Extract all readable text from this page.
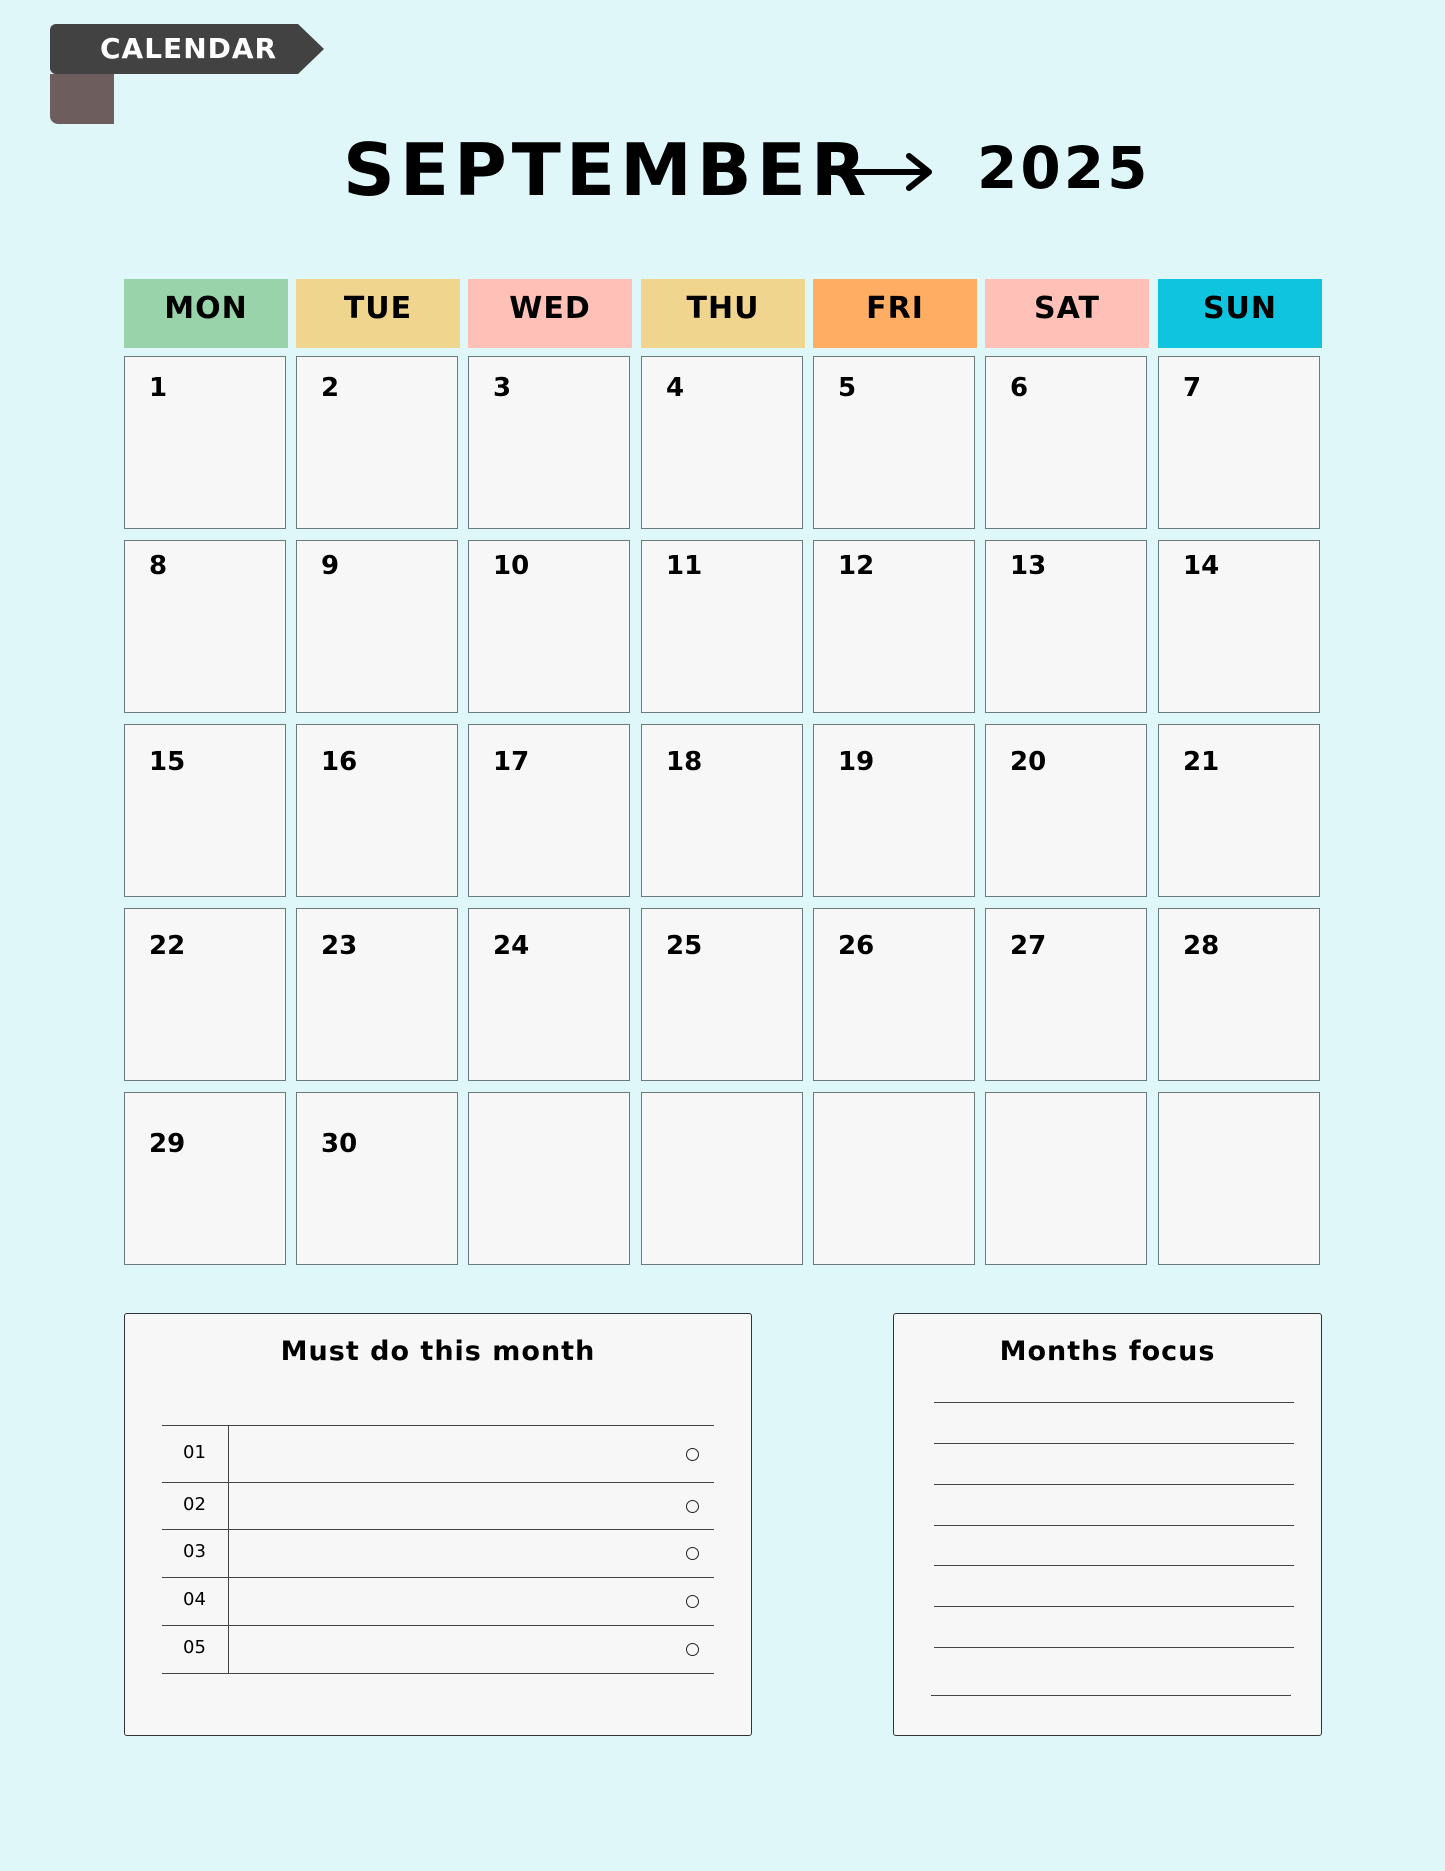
CALENDAR
SEPTEMBER 2025
MON	TUE	WED	THU	FRI	SAT	SUN
1	2	3	4	5	6	7
8	9	10	11	12	13	14
15	16	17	18	19	20	21
22	23	24	25	26	27	28
29	30
Must do this month
01
02
03
04
05
Months focus
